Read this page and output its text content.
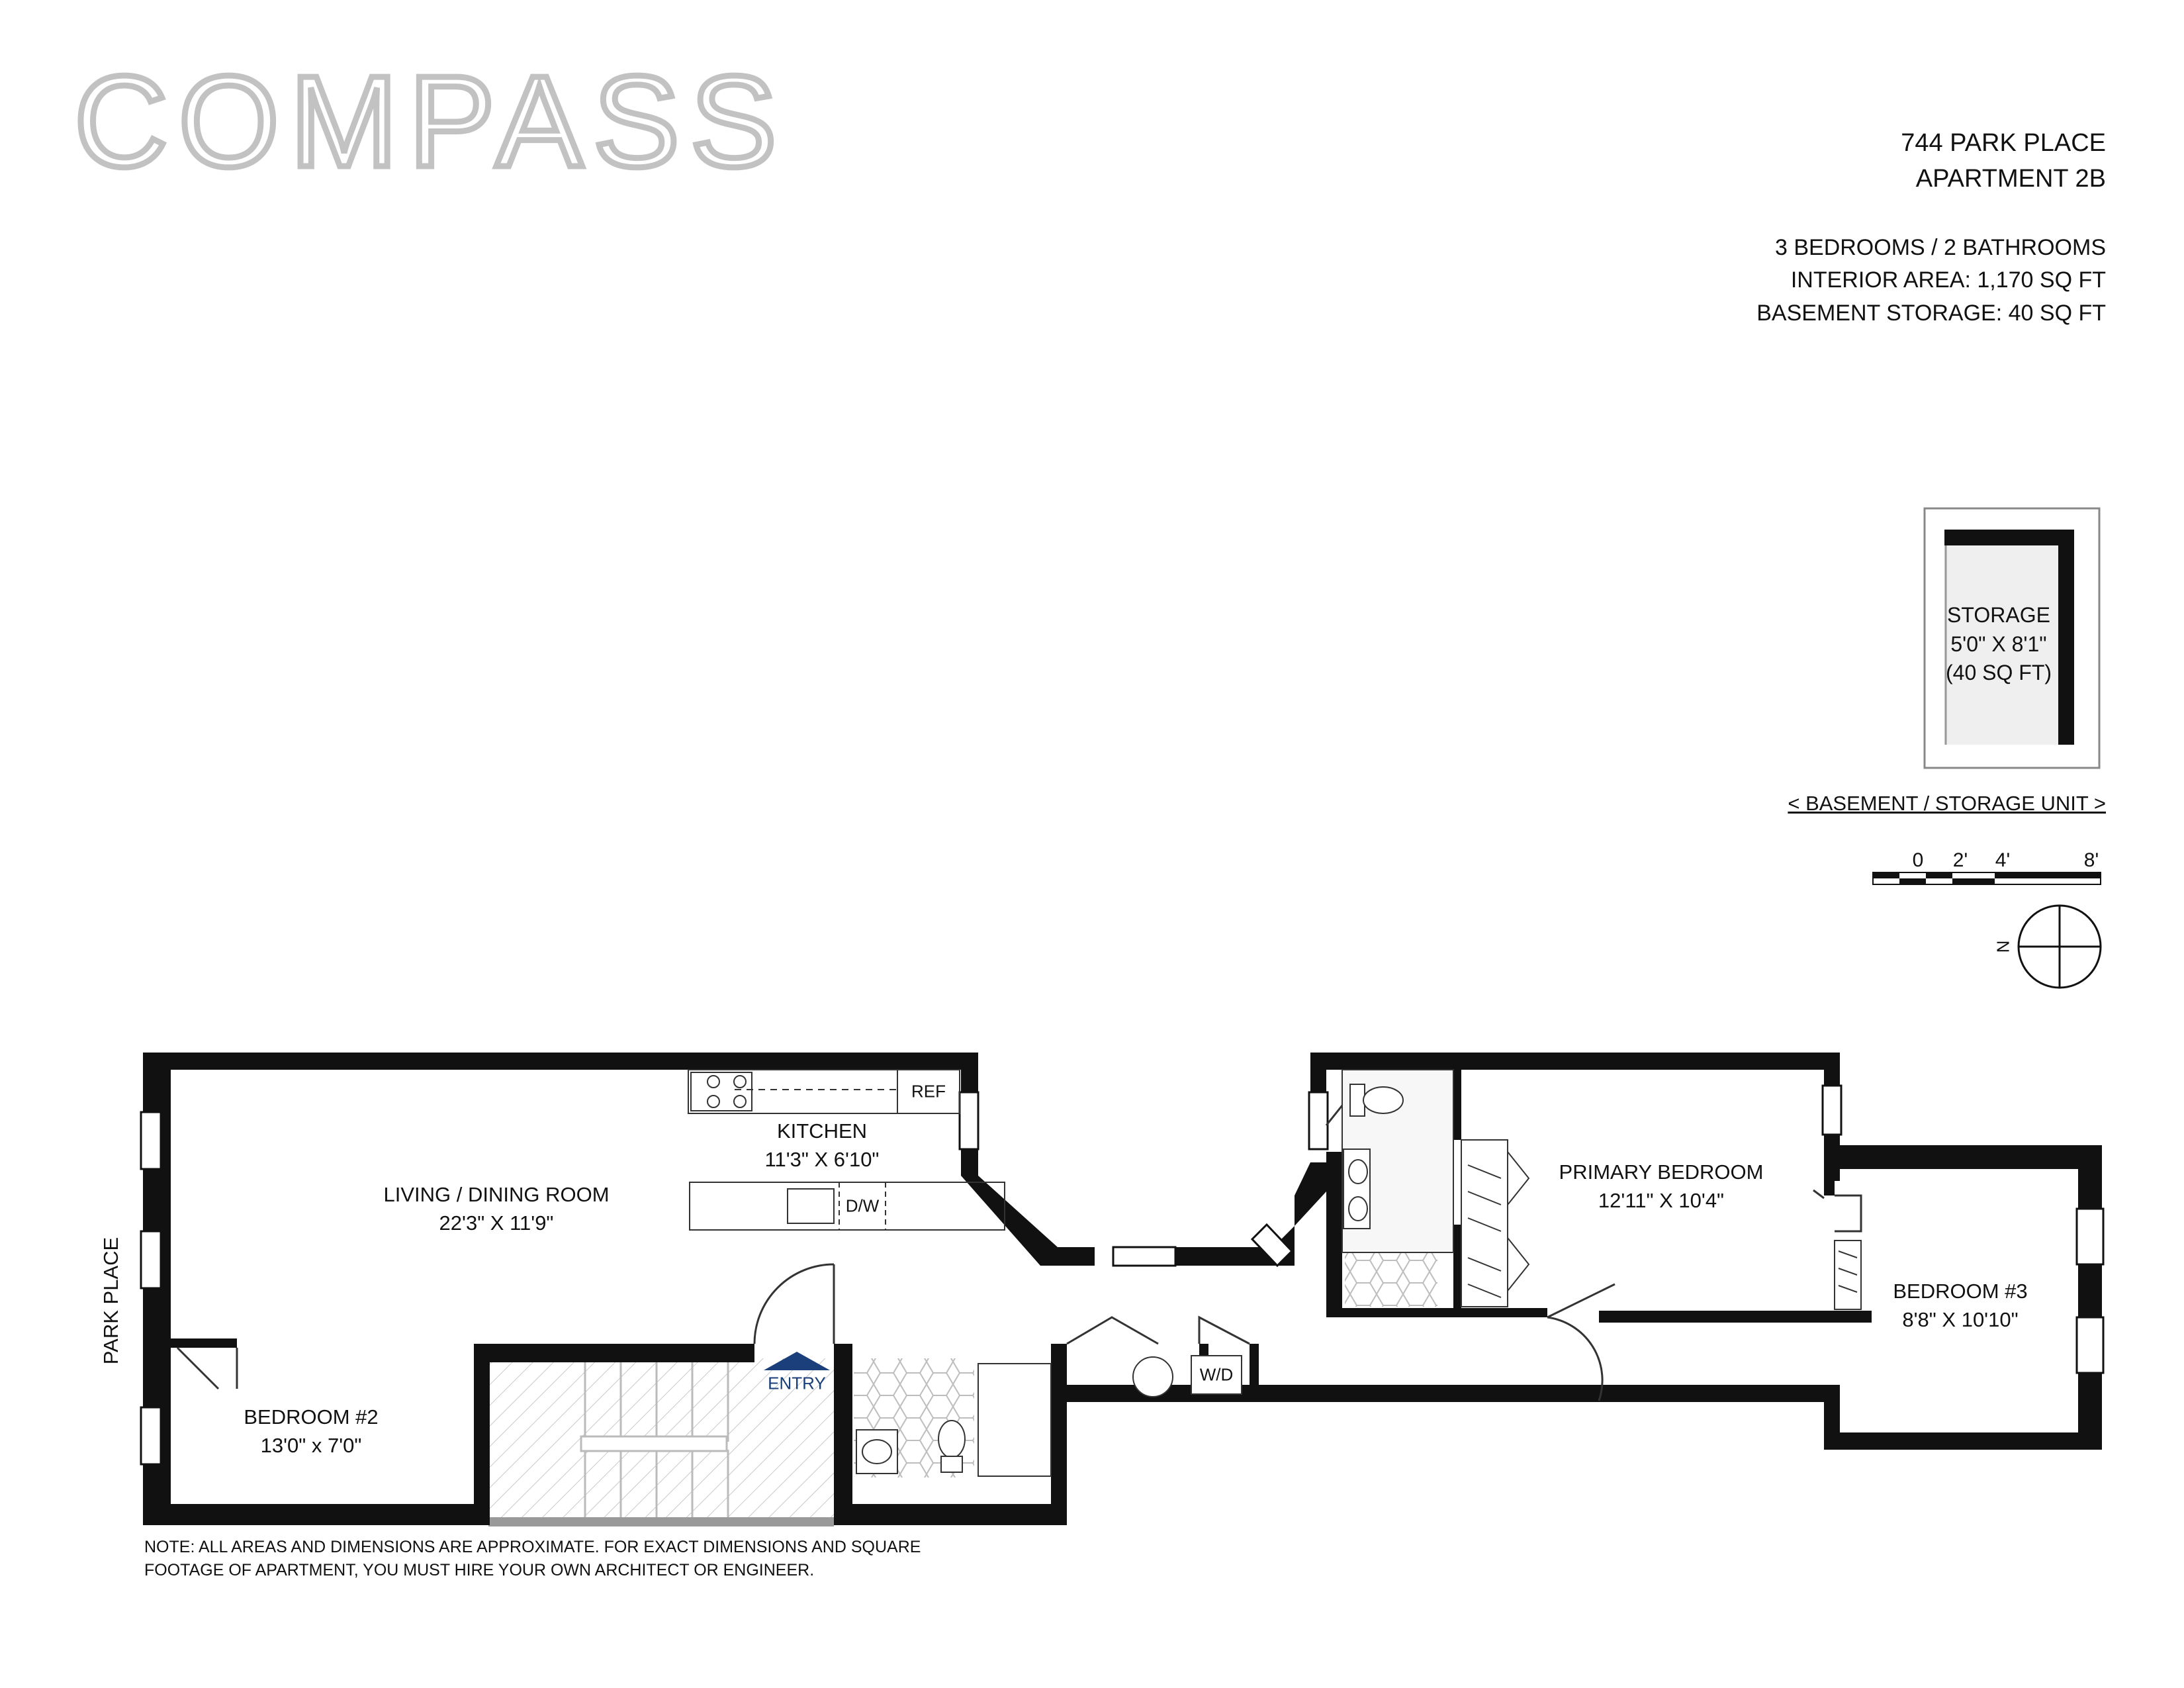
COMPASS	744 PARK PLACE
APARTMENT 2B
3 BEDROOMS / 2 BATHROOMS
INTERIOR AREA: 1,170 SQ FT
BASEMENT STORAGE: 40 SQ FT
LIVING / DINING ROOM
22'3" X 11'9"
KITCHEN
11'3" X 6'10"
BEDROOM #2
13'0" x 7'0"
PRIMARY BEDROOM
12'11" X 10'4"
BEDROOM #3
8'8" X 10'10"
REF
D/W
W/D
ENTRY
STORAGE
5'0" X 8'1"
(40 SQ FT)
< BASEMENT / STORAGE UNIT >
0 2' 4'	8'
N
PARK PLACE
NOTE: ALL AREAS AND DIMENSIONS ARE APPROXIMATE. FOR EXACT DIMENSIONS AND SQUARE
FOOTAGE OF APARTMENT, YOU MUST HIRE YOUR OWN ARCHITECT OR ENGINEER.
